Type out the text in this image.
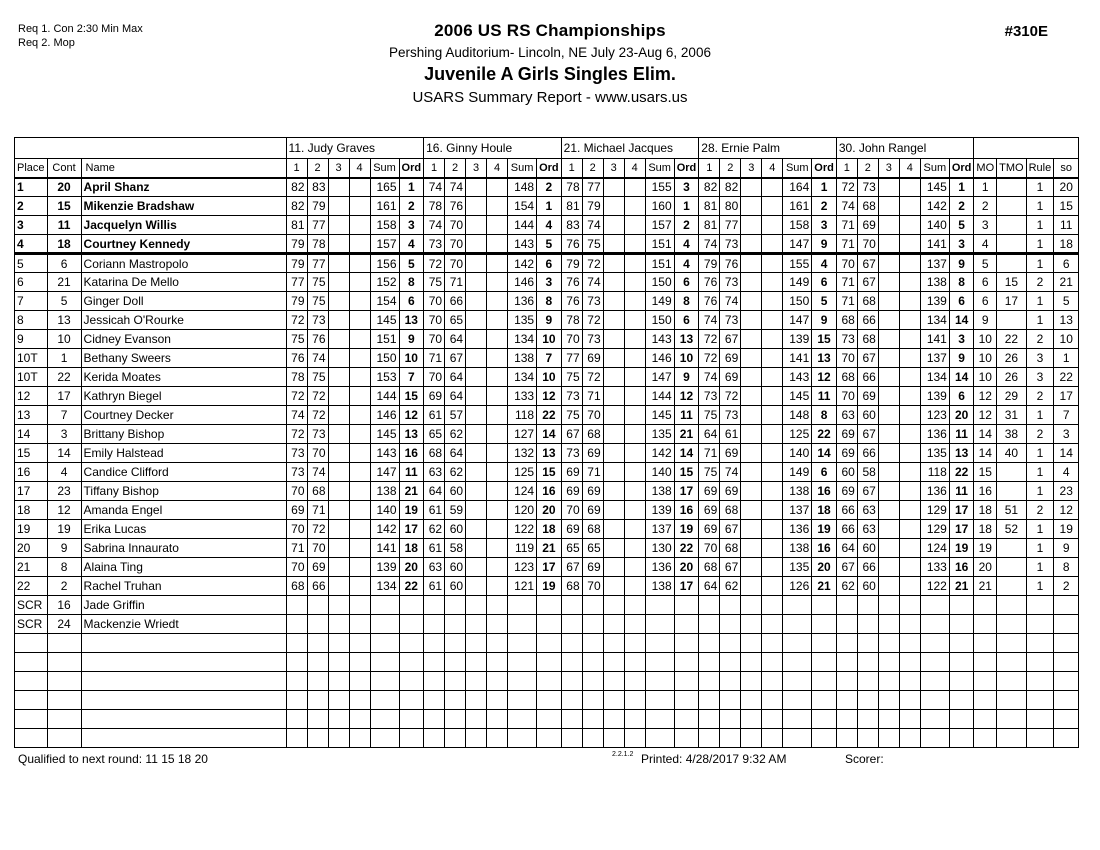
Req 1. Con 2:30 Min Max
Req 2. Mop
2006 US RS Championships	#310E
Pershing Auditorium- Lincoln, NE July 23-Aug 6, 2006
Juvenile A Girls Singles Elim.
USARS Summary Report - www.usars.us
			11. Judy Graves						16. Ginny Houle						21. Michael Jacques						28. Ernie Palm						30. John Rangel									
Place	Cont	Name	1	2	3	4	Sum	Ord	1	2	3	4	Sum	Ord	1	2	3	4	Sum	Ord	1	2	3	4	Sum	Ord	1	2	3	4	Sum	Ord	MO	TMO	Rule	so
1	20	April Shanz	82	83			165	1	74	74			148	2	78	77			155	3	82	82			164	1	72	73			145	1	1		1	20
2	15	Mikenzie Bradshaw	82	79			161	2	78	76			154	1	81	79			160	1	81	80			161	2	74	68			142	2	2		1	15
3	11	Jacquelyn Willis	81	77			158	3	74	70			144	4	83	74			157	2	81	77			158	3	71	69			140	5	3		1	11
4	18	Courtney Kennedy	79	78			157	4	73	70			143	5	76	75			151	4	74	73			147	9	71	70			141	3	4		1	18
5	6	Coriann Mastropolo	79	77			156	5	72	70			142	6	79	72			151	4	79	76			155	4	70	67			137	9	5		1	6
6	21	Katarina De Mello	77	75			152	8	75	71			146	3	76	74			150	6	76	73			149	6	71	67			138	8	6	15	2	21
7	5	Ginger Doll	79	75			154	6	70	66			136	8	76	73			149	8	76	74			150	5	71	68			139	6	6	17	1	5
8	13	Jessicah O'Rourke	72	73			145	13	70	65			135	9	78	72			150	6	74	73			147	9	68	66			134	14	9		1	13
9	10	Cidney Evanson	75	76			151	9	70	64			134	10	70	73			143	13	72	67			139	15	73	68			141	3	10	22	2	10
10T	1	Bethany Sweers	76	74			150	10	71	67			138	7	77	69			146	10	72	69			141	13	70	67			137	9	10	26	3	1
10T	22	Kerida Moates	78	75			153	7	70	64			134	10	75	72			147	9	74	69			143	12	68	66			134	14	10	26	3	22
12	17	Kathryn Biegel	72	72			144	15	69	64			133	12	73	71			144	12	73	72			145	11	70	69			139	6	12	29	2	17
13	7	Courtney Decker	74	72			146	12	61	57			118	22	75	70			145	11	75	73			148	8	63	60			123	20	12	31	1	7
14	3	Brittany Bishop	72	73			145	13	65	62			127	14	67	68			135	21	64	61			125	22	69	67			136	11	14	38	2	3
15	14	Emily Halstead	73	70			143	16	68	64			132	13	73	69			142	14	71	69			140	14	69	66			135	13	14	40	1	14
16	4	Candice Clifford	73	74			147	11	63	62			125	15	69	71			140	15	75	74			149	6	60	58			118	22	15		1	4
17	23	Tiffany Bishop	70	68			138	21	64	60			124	16	69	69			138	17	69	69			138	16	69	67			136	11	16		1	23
18	12	Amanda Engel	69	71			140	19	61	59			120	20	70	69			139	16	69	68			137	18	66	63			129	17	18	51	2	12
19	19	Erika Lucas	70	72			142	17	62	60			122	18	69	68			137	19	69	67			136	19	66	63			129	17	18	52	1	19
20	9	Sabrina Innaurato	71	70			141	18	61	58			119	21	65	65			130	22	70	68			138	16	64	60			124	19	19		1	9
21	8	Alaina Ting	70	69			139	20	63	60			123	17	67	69			136	20	68	67			135	20	67	66			133	16	20		1	8
22	2	Rachel Truhan	68	66			134	22	61	60			121	19	68	70			138	17	64	62			126	21	62	60			122	21	21		1	2
SCR	16	Jade Griffin																																		
SCR	24	Mackenzie Wriedt																																		

Qualified to next round: 11 15 18 20	2.2.1.2 Printed: 4/28/2017 9:32 AM	Scorer:
